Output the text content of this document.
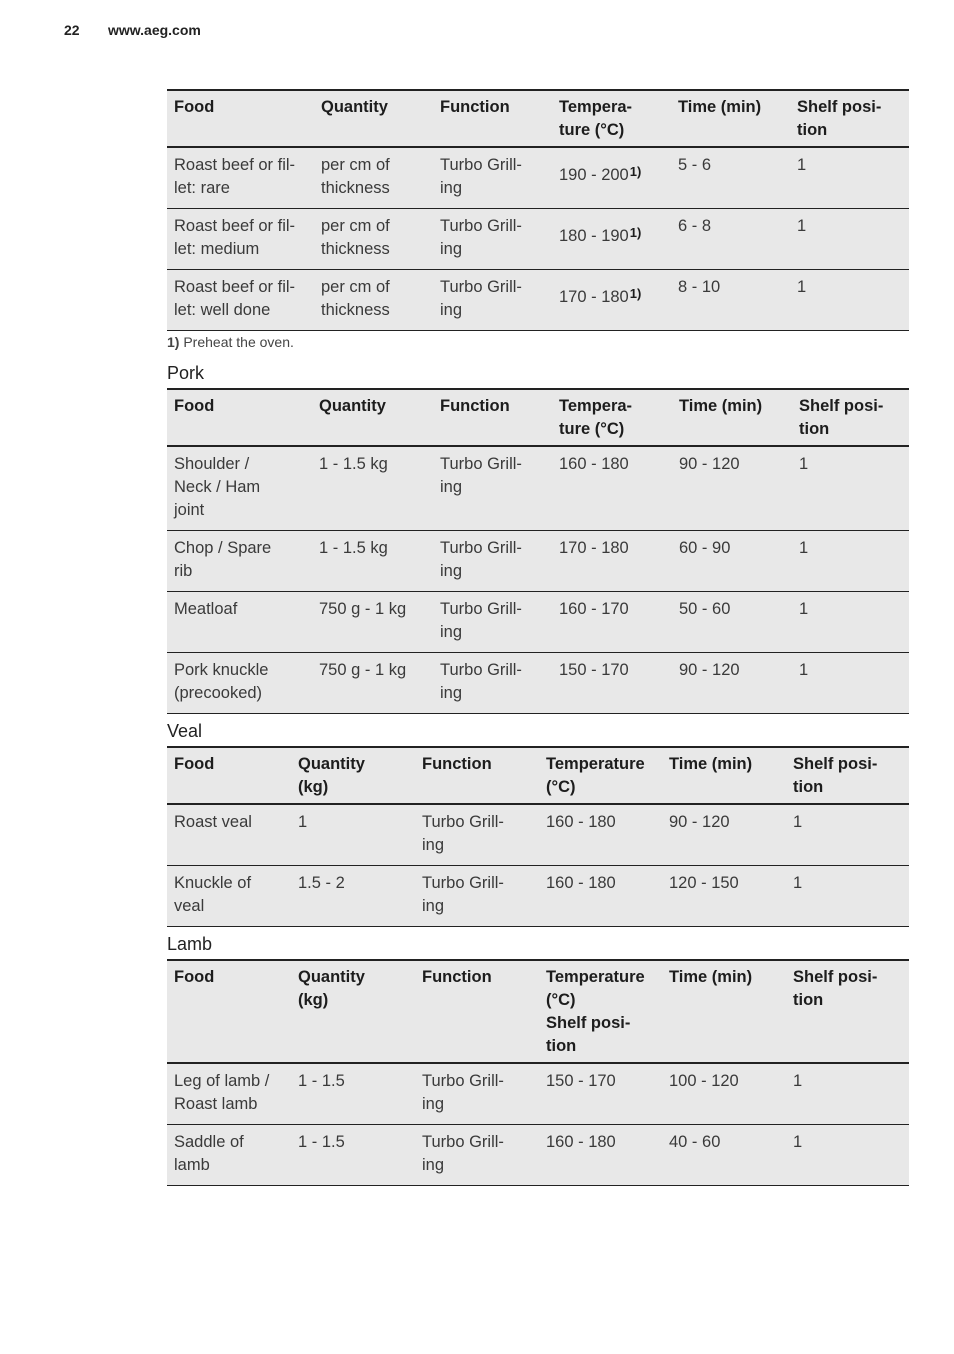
22 www.aeg.com
Food	Quantity	Function	Tempera-
ture (°C)	Time (min)	Shelf posi-
tion
Roast beef or fil-
let: rare	per cm of
thickness	Turbo Grill-
ing	190 - 200$^{1)}$	5 - 6	1
Roast beef or fil-
let: medium	per cm of
thickness	Turbo Grill-
ing	180 - 190$^{1)}$	6 - 8	1
Roast beef or fil-
let: well done	per cm of
thickness	Turbo Grill-
ing	170 - 180$^{1)}$	8 - 10	1
1) Preheat the oven.
Pork
Food	Quantity	Function	Tempera-
ture (°C)	Time (min)	Shelf posi-
tion
Shoulder /
Neck / Ham
joint	1 - 1.5 kg	Turbo Grill-
ing	160 - 180	90 - 120	1
Chop / Spare
rib	1 - 1.5 kg	Turbo Grill-
ing	170 - 180	60 - 90	1
Meatloaf	750 g - 1 kg	Turbo Grill-
ing	160 - 170	50 - 60	1
Pork knuckle
(precooked)	750 g - 1 kg	Turbo Grill-
ing	150 - 170	90 - 120	1
Veal
Food	Quantity
(kg)	Function	Temperature
(°C)	Time (min)	Shelf posi-
tion
Roast veal	1	Turbo Grill-
ing	160 - 180	90 - 120	1
Knuckle of
veal	1.5 - 2	Turbo Grill-
ing	160 - 180	120 - 150	1
Lamb
Food	Quantity
(kg)	Function	Temperature
(°C)
Shelf posi-
tion	Time (min)	Shelf posi-
tion
Leg of lamb /
Roast lamb	1 - 1.5	Turbo Grill-
ing	150 - 170	100 - 120	1
Saddle of
lamb	1 - 1.5	Turbo Grill-
ing	160 - 180	40 - 60	1
